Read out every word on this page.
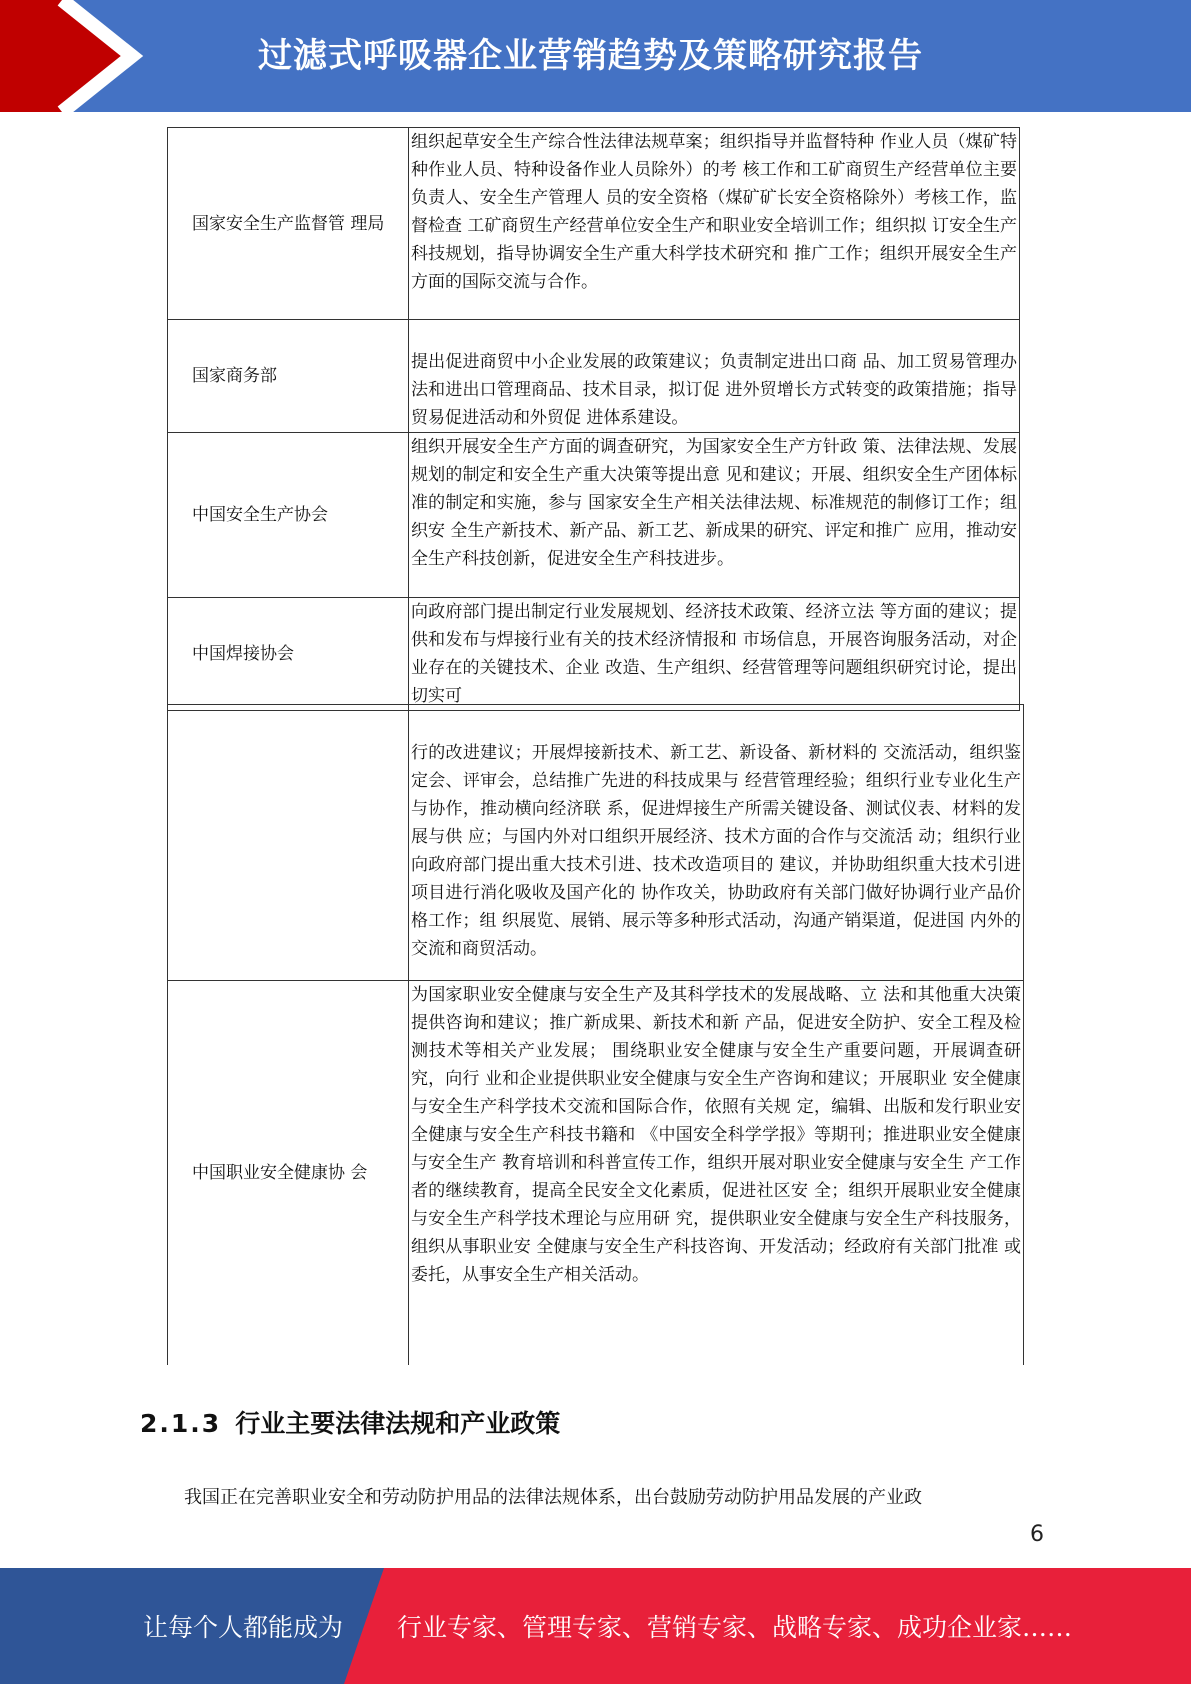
过滤式呼吸器企业营销趋势及策略研究报告
国家安全生产监督管 理局	组织起草安全生产综合性法律法规草案；组织指导并监督特种 作业人员（煤矿特种作业人员、特种设备作业人员除外）的考 核工作和工矿商贸生产经营单位主要负责人、安全生产管理人 员的安全资格（煤矿矿长安全资格除外）考核工作，监督检查 工矿商贸生产经营单位安全生产和职业安全培训工作；组织拟 订安全生产科技规划，指导协调安全生产重大科学技术研究和 推广工作；组织开展安全生产方面的国际交流与合作。
国家商务部	提出促进商贸中小企业发展的政策建议；负责制定进出口商 品、加工贸易管理办法和进出口管理商品、技术目录，拟订促 进外贸增长方式转变的政策措施；指导贸易促进活动和外贸促 进体系建设。
中国安全生产协会	组织开展安全生产方面的调查研究，为国家安全生产方针政 策、法律法规、发展规划的制定和安全生产重大决策等提出意 见和建议；开展、组织安全生产团体标准的制定和实施，参与 国家安全生产相关法律法规、标准规范的制修订工作；组织安 全生产新技术、新产品、新工艺、新成果的研究、评定和推广 应用，推动安全生产科技创新，促进安全生产科技进步。
中国焊接协会	向政府部门提出制定行业发展规划、经济技术政策、经济立法 等方面的建议；提供和发布与焊接行业有关的技术经济情报和 市场信息，开展咨询服务活动，对企业存在的关键技术、企业 改造、生产组织、经营管理等问题组织研究讨论，提出切实可
	行的改进建议；开展焊接新技术、新工艺、新设备、新材料的 交流活动，组织鉴定会、评审会，总结推广先进的科技成果与 经营管理经验；组织行业专业化生产与协作，推动横向经济联 系，促进焊接生产所需关键设备、测试仪表、材料的发展与供 应；与国内外对口组织开展经济、技术方面的合作与交流活 动；组织行业向政府部门提出重大技术引进、技术改造项目的 建议，并协助组织重大技术引进项目进行消化吸收及国产化的 协作攻关，协助政府有关部门做好协调行业产品价格工作；组 织展览、展销、展示等多种形式活动，沟通产销渠道，促进国 内外的交流和商贸活动。
中国职业安全健康协 会	为国家职业安全健康与安全生产及其科学技术的发展战略、立 法和其他重大决策提供咨询和建议；推广新成果、新技术和新 产品，促进安全防护、安全工程及检测技术等相关产业发展； 围绕职业安全健康与安全生产重要问题，开展调查研究，向行 业和企业提供职业安全健康与安全生产咨询和建议；开展职业 安全健康与安全生产科学技术交流和国际合作，依照有关规 定，编辑、出版和发行职业安全健康与安全生产科技书籍和 《中国安全科学学报》等期刊；推进职业安全健康与安全生产 教育培训和科普宣传工作，组织开展对职业安全健康与安全生 产工作者的继续教育，提高全民安全文化素质，促进社区安 全；组织开展职业安全健康与安全生产科学技术理论与应用研 究，提供职业安全健康与安全生产科技服务，组织从事职业安 全健康与安全生产科技咨询、开发活动；经政府有关部门批准 或委托，从事安全生产相关活动。
2.1.3 行业主要法律法规和产业政策
我国正在完善职业安全和劳动防护用品的法律法规体系，出台鼓励劳动防护用品发展的产业政
6
让每个人都能成为 行业专家、管理专家、营销专家、战略专家、成功企业家……
